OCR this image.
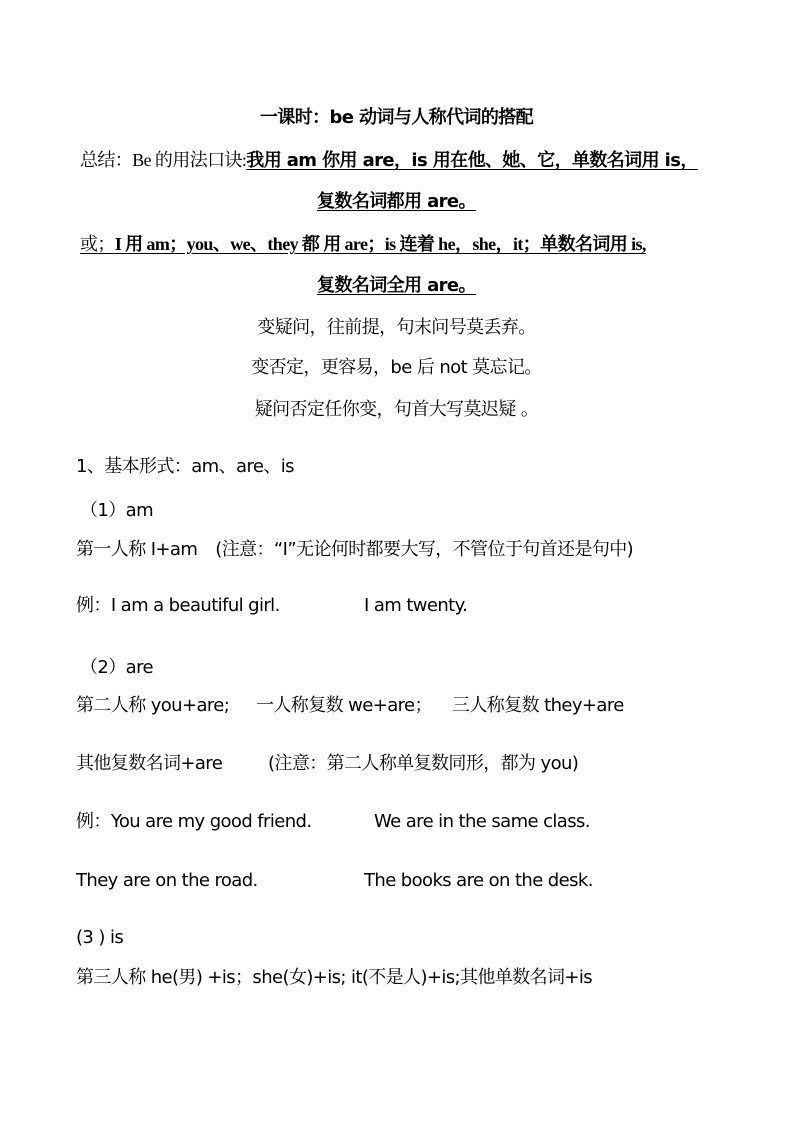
一课时：be 动词与人称代词的搭配
总结：Be 的用法口诀:我用 am 你用 are，is 用在他、她、它，单数名词用 is，
复数名词都用 are。
或；I 用 am；you、we、they 都 用 are；is 连着 he，she，it；单数名词用 is,
复数名词全用 are。
变疑问，往前提，句末问号莫丢弃。
变否定，更容易，be 后 not 莫忘记。
疑问否定任你变，句首大写莫迟疑 。
1、基本形式：am、are、is
（1）am
第一人称 I+am (注意：“I”无论何时都要大写，不管位于句首还是句中)
例：I am a beautiful girl.	I am twenty.
（2）are
第二人称 you+are; 一人称复数 we+are； 三人称复数 they+are
其他复数名词+are	(注意：第二人称单复数同形，都为 you)
例：You are my good friend.	We are in the same class.
They are on the road.	The books are on the desk.
(3 ) is
第三人称 he(男) +is；she(女)+is; it(不是人)+is;其他单数名词+is
